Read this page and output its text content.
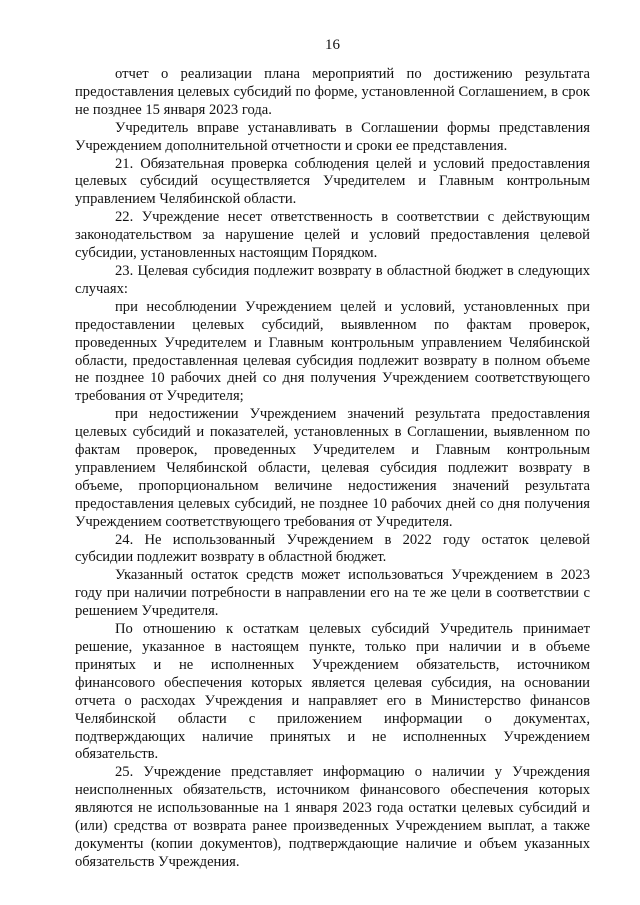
16

отчет о реализации плана мероприятий по достижению результата предоставления целевых субсидий по форме, установленной Соглашением, в срок не позднее 15 января 2023 года.

Учредитель вправе устанавливать в Соглашении формы представления Учреждением дополнительной отчетности и сроки ее представления.

21. Обязательная проверка соблюдения целей и условий предоставления целевых субсидий осуществляется Учредителем и Главным контрольным управлением Челябинской области.

22. Учреждение несет ответственность в соответствии с действующим законодательством за нарушение целей и условий предоставления целевой субсидии, установленных настоящим Порядком.

23. Целевая субсидия подлежит возврату в областной бюджет в следующих случаях:

при несоблюдении Учреждением целей и условий, установленных при предоставлении целевых субсидий, выявленном по фактам проверок, проведенных Учредителем и Главным контрольным управлением Челябинской области, предоставленная целевая субсидия подлежит возврату в полном объеме не позднее 10 рабочих дней со дня получения Учреждением соответствующего требования от Учредителя;

при недостижении Учреждением значений результата предоставления целевых субсидий и показателей, установленных в Соглашении, выявленном по фактам проверок, проведенных Учредителем и Главным контрольным управлением Челябинской области, целевая субсидия подлежит возврату в объеме, пропорциональном величине недостижения значений результата предоставления целевых субсидий, не позднее 10 рабочих дней со дня получения Учреждением соответствующего требования от Учредителя.

24. Не использованный Учреждением в 2022 году остаток целевой субсидии подлежит возврату в областной бюджет.

Указанный остаток средств может использоваться Учреждением в 2023 году при наличии потребности в направлении его на те же цели в соответствии с решением Учредителя.

По отношению к остаткам целевых субсидий Учредитель принимает решение, указанное в настоящем пункте, только при наличии и в объеме принятых и не исполненных Учреждением обязательств, источником финансового обеспечения которых является целевая субсидия, на основании отчета о расходах Учреждения и направляет его в Министерство финансов Челябинской области с приложением информации о документах, подтверждающих наличие принятых и не исполненных Учреждением обязательств.

25. Учреждение представляет информацию о наличии у Учреждения неисполненных обязательств, источником финансового обеспечения которых являются не использованные на 1 января 2023 года остатки целевых субсидий и (или) средства от возврата ранее произведенных Учреждением выплат, а также документы (копии документов), подтверждающие наличие и объем указанных обязательств Учреждения.
